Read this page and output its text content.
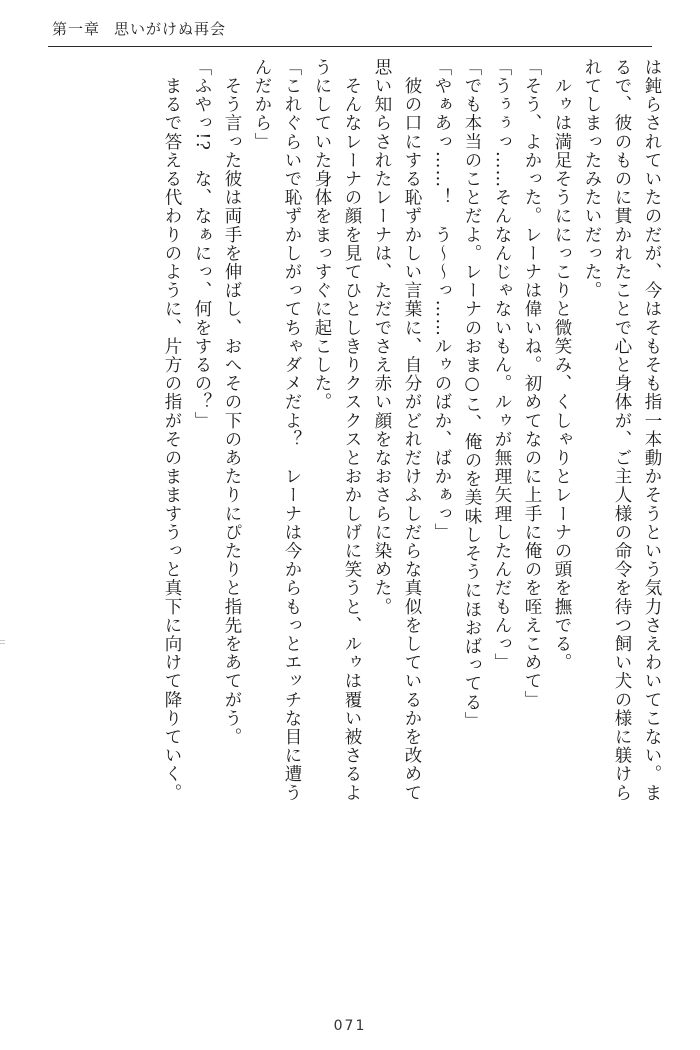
第一章 思いがけぬ再会
は鈍らされていたのだが、今はそもそも指一本動かそうという気力さえわいてこない。ま
るで、彼のものに貫かれたことで心と身体が、ご主人様の命令を待つ飼い犬の様に躾けら
れてしまったみたいだった。
　ルゥは満足そうににっこりと微笑み、くしゃりとレーナの頭を撫でる。
「そう、よかった。レーナは偉いね。初めてなのに上手に俺のを咥えこめて」
「うぅぅっ……そんなんじゃないもん。ルゥが無理矢理したんだもんっ」
「でも本当のことだよ。レーナのおま○こ、俺のを美味しそうにほおばってる」
「やぁあっ……！　う～～っ……ルゥのばか、ばかぁっ」
　彼の口にする恥ずかしい言葉に、自分がどれだけふしだらな真似をしているかを改めて
思い知らされたレーナは、ただでさえ赤い顔をなおさらに染めた。
　そんなレーナの顔を見てひとしきりクスクスとおかしげに笑うと、ルゥは覆い被さるよ
うにしていた身体をまっすぐに起こした。
「これぐらいで恥ずかしがってちゃダメだよ？　レーナは今からもっとエッチな目に遭う
んだから」
　そう言った彼は両手を伸ばし、おへその下のあたりにぴたりと指先をあてがう。
「ふやっ!?　な、なぁにっ、何をするの？」
　まるで答える代わりのように、片方の指がそのまますうっと真下に向けて降りていく。
071
